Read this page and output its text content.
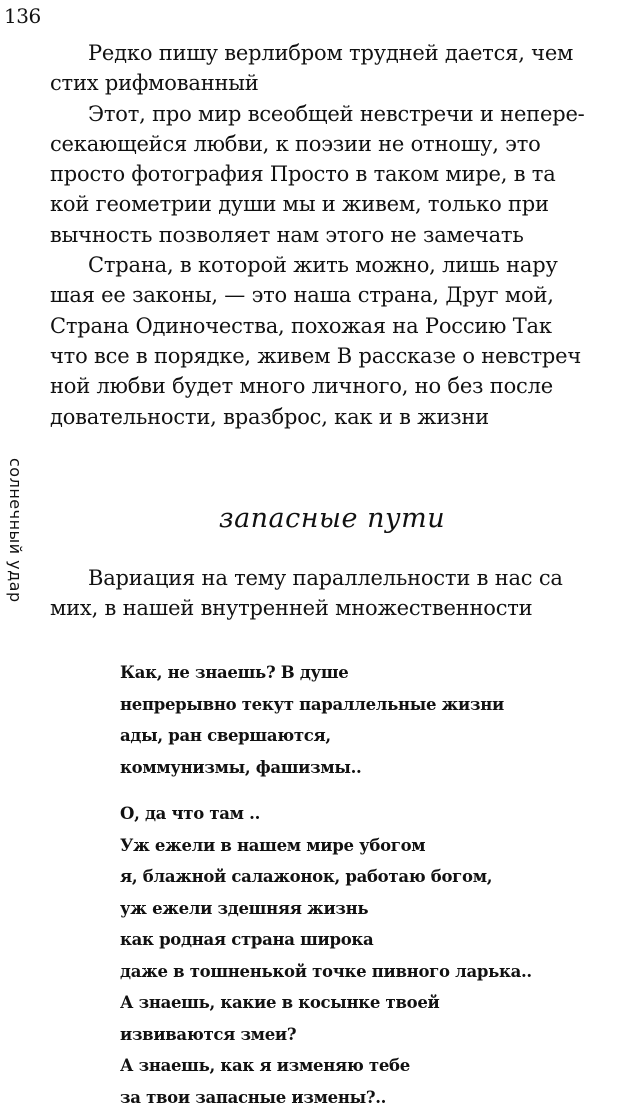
136
солнечный удар
Редко пишу верлибром трудней дается, чем
стих рифмованный
Этот, про мир всеобщей невстречи и непере-
секающейся любви, к поэзии не отношу, это
просто фотография Просто в таком мире, в та
кой геометрии души мы и живем, только при
вычность позволяет нам этого не замечать
Страна, в которой жить можно, лишь нару
шая ее законы, — это наша страна, Друг мой,
Страна Одиночества, похожая на Россию Так
что все в порядке, живем В рассказе о невстреч
ной любви будет много личного, но без после
довательности, вразброс, как и в жизни
запасные пути
Вариация на тему параллельности в нас са
мих, в нашей внутренней множественности
Как, не знаешь? В душе
непрерывно текут параллельные жизни
ады, ран свершаются,
коммунизмы, фашизмы..
О, да что там ..
Уж ежели в нашем мире убогом
я, блажной салажонок, работаю богом,
уж ежели здешняя жизнь
как родная страна широка
даже в тошненькой точке пивного ларька..
А знаешь, какие в косынке твоей
извиваются змеи?
А знаешь, как я изменяю тебе
за твои запасные измены?..
